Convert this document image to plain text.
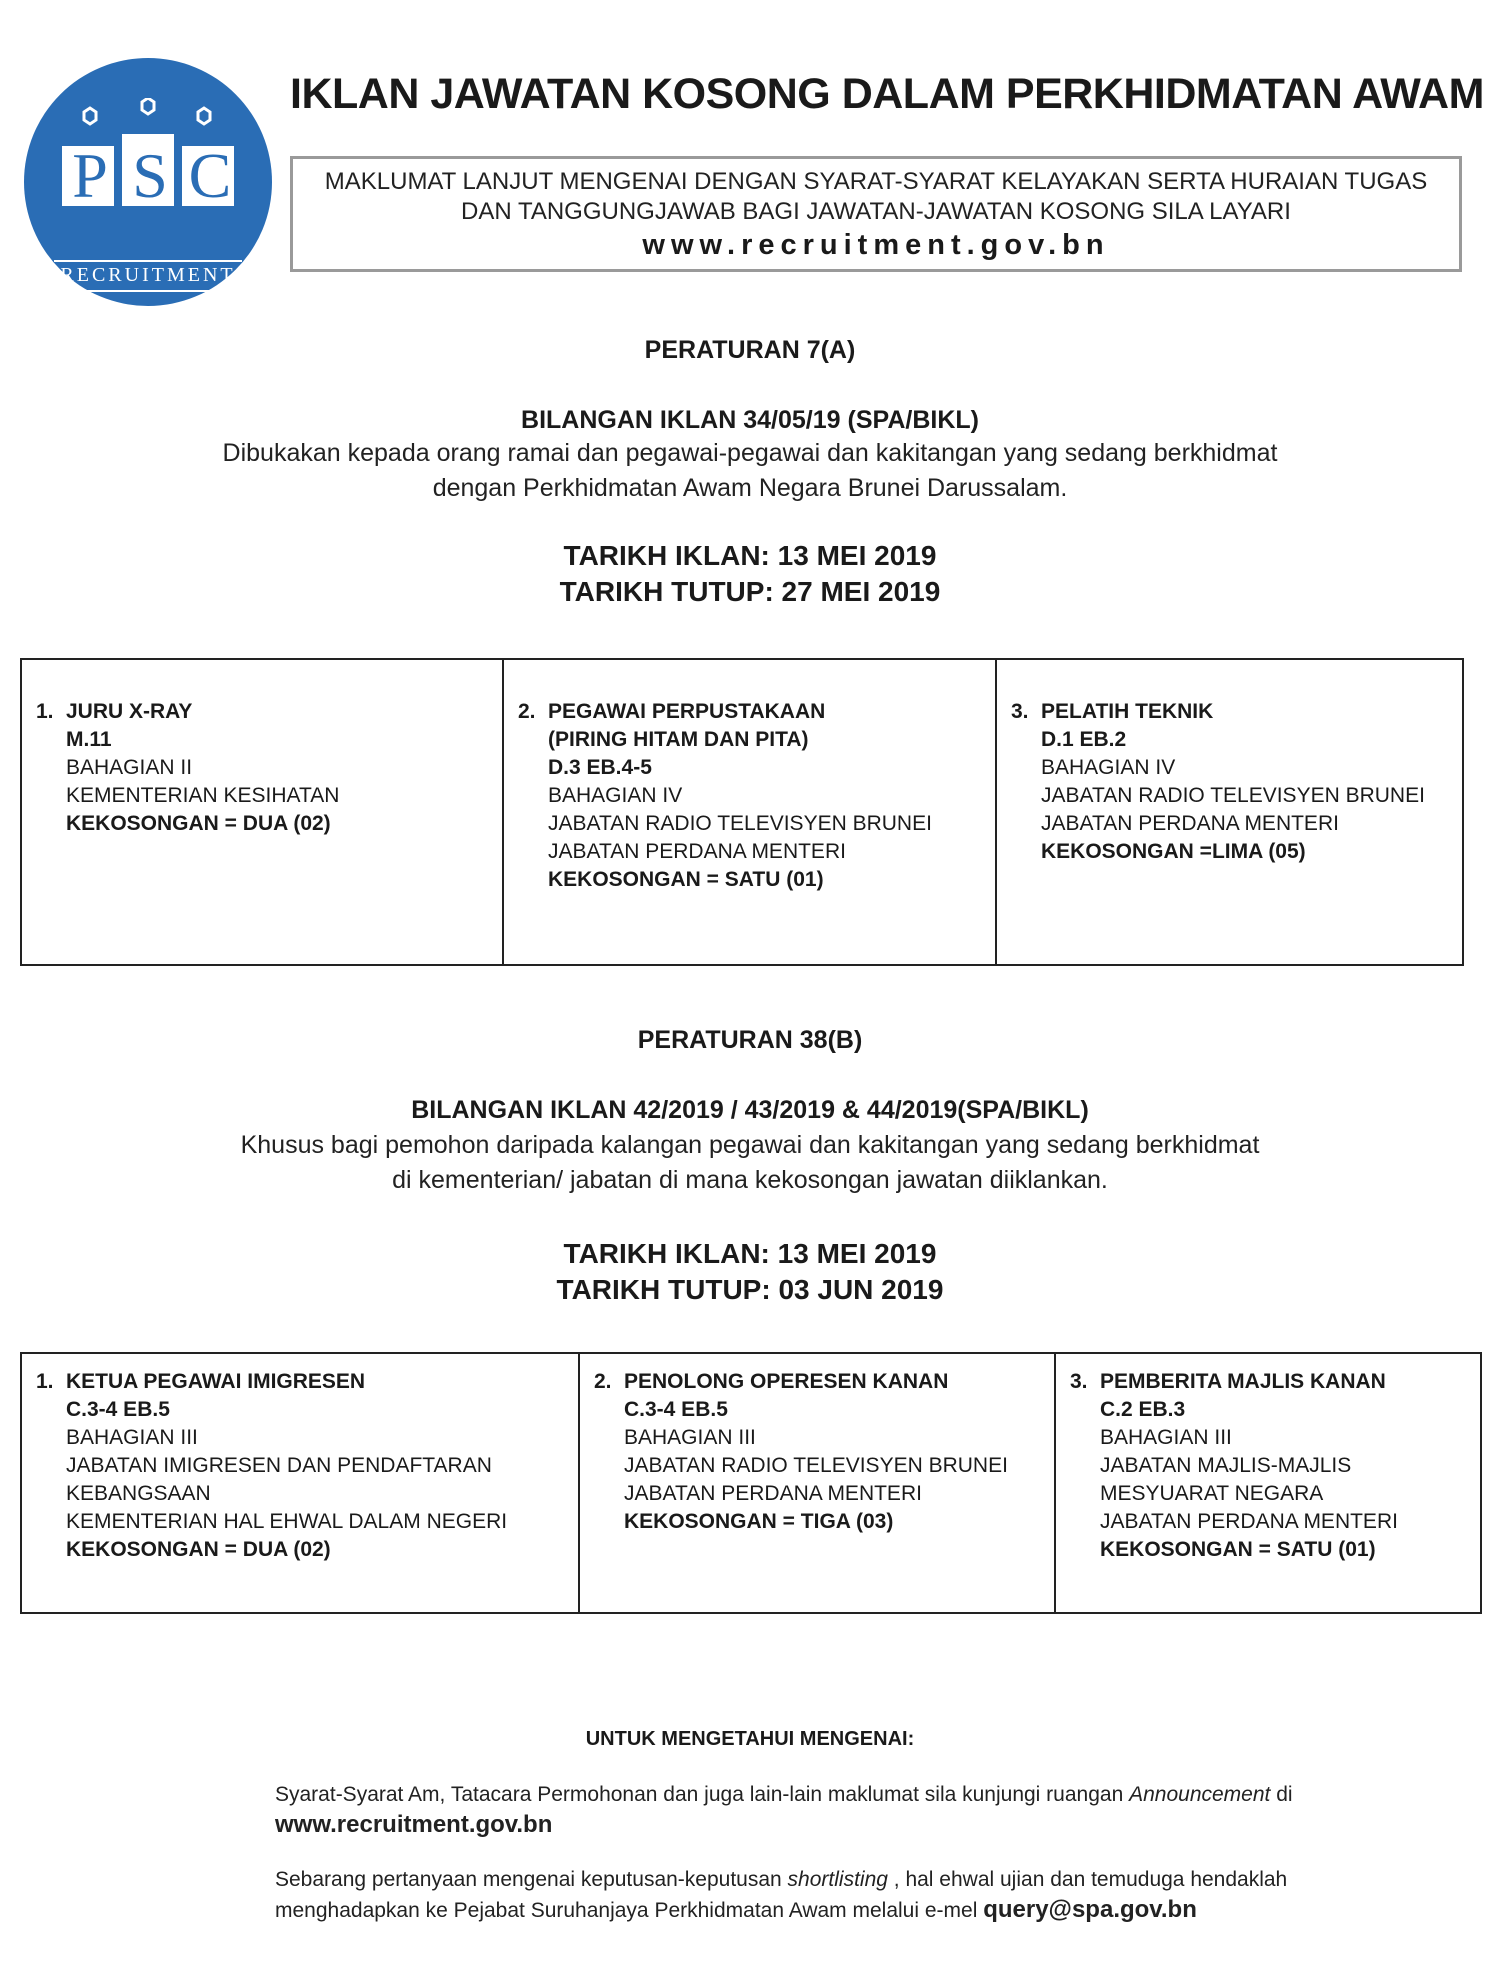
P S C
RECRUITMENT
IKLAN JAWATAN KOSONG DALAM PERKHIDMATAN AWAM
MAKLUMAT LANJUT MENGENAI DENGAN SYARAT-SYARAT KELAYAKAN SERTA HURAIAN TUGAS
DAN TANGGUNGJAWAB BAGI JAWATAN-JAWATAN KOSONG SILA LAYARI
www.recruitment.gov.bn
PERATURAN 7(A)
BILANGAN IKLAN 34/05/19 (SPA/BIKL)
Dibukakan kepada orang ramai dan pegawai-pegawai dan kakitangan yang sedang berkhidmat
dengan Perkhidmatan Awam Negara Brunei Darussalam.
TARIKH IKLAN: 13 MEI 2019
TARIKH TUTUP: 27 MEI 2019
1. JURU X-RAY
M.11
BAHAGIAN II
KEMENTERIAN KESIHATAN
KEKOSONGAN = DUA (02)
2. PEGAWAI PERPUSTAKAAN
(PIRING HITAM DAN PITA)
D.3 EB.4-5
BAHAGIAN IV
JABATAN RADIO TELEVISYEN BRUNEI
JABATAN PERDANA MENTERI
KEKOSONGAN = SATU (01)
3. PELATIH TEKNIK
D.1 EB.2
BAHAGIAN IV
JABATAN RADIO TELEVISYEN BRUNEI
JABATAN PERDANA MENTERI
KEKOSONGAN =LIMA (05)
PERATURAN 38(B)
BILANGAN IKLAN 42/2019 / 43/2019 & 44/2019(SPA/BIKL)
Khusus bagi pemohon daripada kalangan pegawai dan kakitangan yang sedang berkhidmat
di kementerian/ jabatan di mana kekosongan jawatan diiklankan.
TARIKH IKLAN: 13 MEI 2019
TARIKH TUTUP: 03 JUN 2019
1. KETUA PEGAWAI IMIGRESEN
C.3-4 EB.5
BAHAGIAN III
JABATAN IMIGRESEN DAN PENDAFTARAN
KEBANGSAAN
KEMENTERIAN HAL EHWAL DALAM NEGERI
KEKOSONGAN = DUA (02)
2. PENOLONG OPERESEN KANAN
C.3-4 EB.5
BAHAGIAN III
JABATAN RADIO TELEVISYEN BRUNEI
JABATAN PERDANA MENTERI
KEKOSONGAN = TIGA (03)
3. PEMBERITA MAJLIS KANAN
C.2 EB.3
BAHAGIAN III
JABATAN MAJLIS-MAJLIS
MESYUARAT NEGARA
JABATAN PERDANA MENTERI
KEKOSONGAN = SATU (01)
UNTUK MENGETAHUI MENGENAI:

Syarat-Syarat Am, Tatacara Permohonan dan juga lain-lain maklumat sila kunjungi ruangan Announcement di
www.recruitment.gov.bn

Sebarang pertanyaan mengenai keputusan-keputusan shortlisting , hal ehwal ujian dan temuduga hendaklah
menghadapkan ke Pejabat Suruhanjaya Perkhidmatan Awam melalui e-mel query@spa.gov.bn
